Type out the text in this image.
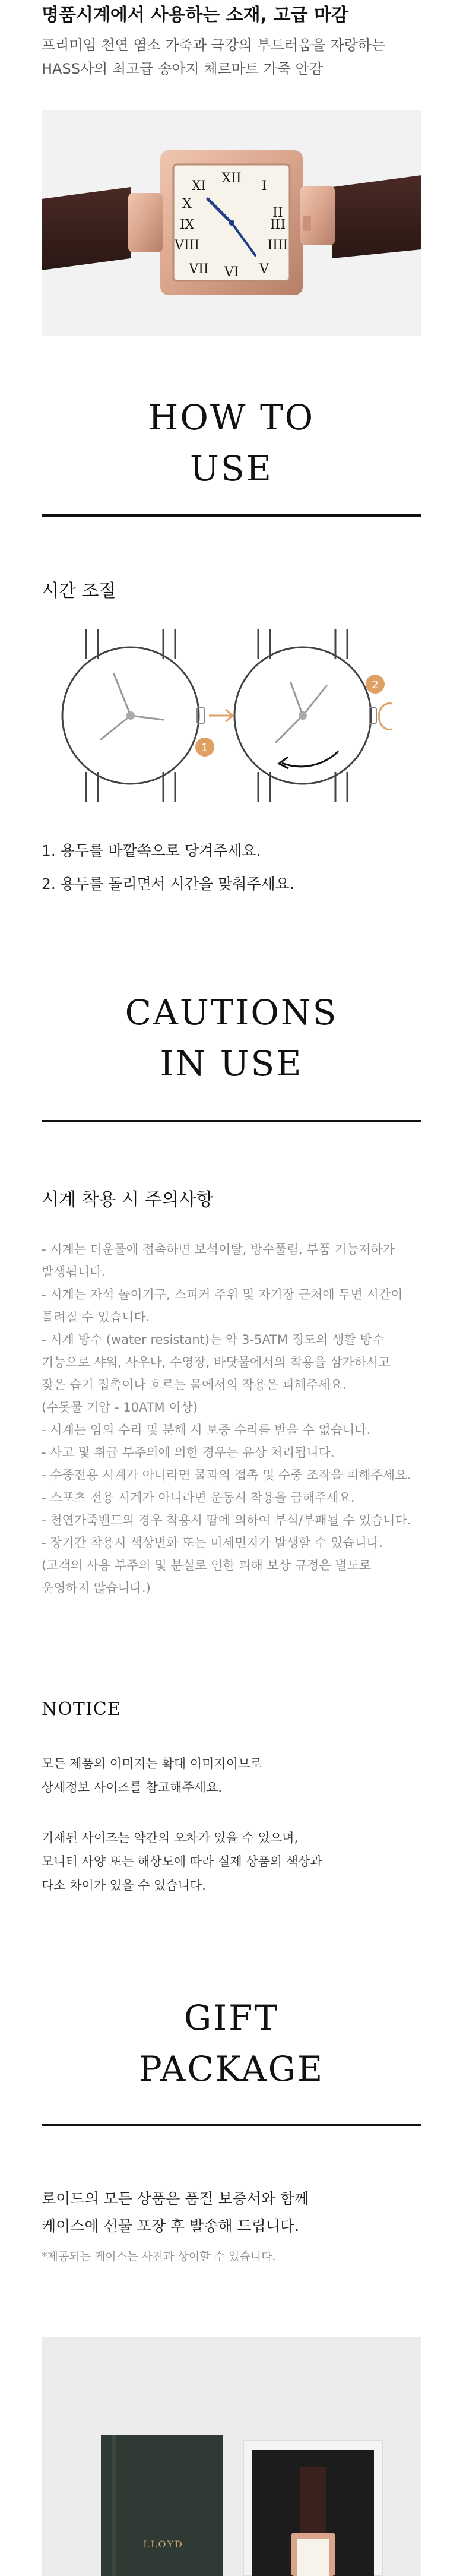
명품시계에서 사용하는 소재, 고급 마감
프리미엄 천연 염소 가죽과 극강의 부드러움을 자랑하는
HASS사의 최고급 송아지 체르마트 가죽 안감
XII
I
II
III
IIII
V
VI
VII
VIII
IX
X
XI
HOW TO
USE
시간 조절
1
2
1. 용두를 바깥쪽으로 당겨주세요.
2. 용두를 돌리면서 시간을 맞춰주세요.
CAUTIONS
IN USE
시계 착용 시 주의사항
- 시계는 더운물에 접촉하면 보석이탈, 방수풀림, 부품 기능저하가
발생됩니다.
- 시계는 자석 놀이기구, 스피커 주위 및 자기장 근처에 두면 시간이
틀려질 수 있습니다.
- 시계 방수 (water resistant)는 약 3-5ATM 정도의 생활 방수
기능으로 샤워, 사우나, 수영장, 바닷물에서의 착용을 삼가하시고
잦은 습기 접촉이나 흐르는 물에서의 작용은 피해주세요.
(수돗물 기압 - 10ATM 이상)
- 시계는 임의 수리 및 분해 시 보증 수리를 받을 수 없습니다.
- 사고 및 취급 부주의에 의한 경우는 유상 처리됩니다.
- 수중전용 시계가 아니라면 물과의 접촉 및 수중 조작을 피해주세요.
- 스포츠 전용 시계가 아니라면 운동시 착용을 금해주세요.
- 천연가죽밴드의 경우 착용시 땀에 의하여 부식/부패될 수 있습니다.
- 장기간 착용시 색상변화 또는 미세먼지가 발생할 수 있습니다.
(고객의 사용 부주의 및 분실로 인한 피해 보상 규정은 별도로
운영하지 않습니다.)
NOTICE
모든 제품의 이미지는 확대 이미지이므로
상세정보 사이즈를 참고해주세요.
기재된 사이즈는 약간의 오차가 있을 수 있으며,
모니터 사양 또는 해상도에 따라 실제 상품의 색상과
다소 차이가 있을 수 있습니다.
GIFT
PACKAGE
로이드의 모든 상품은 품질 보증서와 함께
케이스에 선물 포장 후 발송해 드립니다.
*제공되는 케이스는 사진과 상이할 수 있습니다.
LLOYD
